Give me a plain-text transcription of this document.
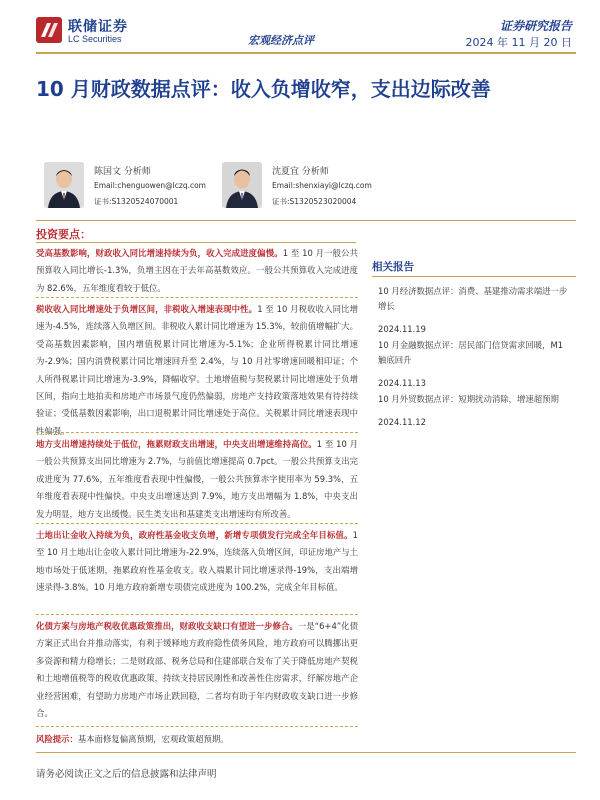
联储证券
LC Securities	宏观经济点评
证券研究报告
2024 年 11 月 20 日
10 月财政数据点评：收入负增收窄，支出边际改善
陈国文 分析师
Email:chenguowen@lczq.com
证书:S1320524070001
沈夏宜 分析师
Email:shenxiayi@lczq.com
证书:S1320523020004
投资要点：
受高基数影响，财政收入同比增速持续为负，收入完成进度偏慢。1 至 10 月一般公共预算收入同比增长-1.3%，负增主因在于去年高基数效应。一般公共预算收入完成进度为 82.6%，五年维度看较于低位。
税收收入同比增速处于负增区间，非税收入增速表现中性。1 至 10 月税收收入同比增速为-4.5%，连续落入负增区间。非税收入累计同比增速为 15.3%，较前值增幅扩大。受高基数因素影响，国内增值税累计同比增速为-5.1%；企业所得税累计同比增速为-2.9%；国内消费税累计同比增速回升至 2.4%，与 10 月社零增速回暖相印证；个人所得税累计同比增速为-3.9%，降幅收窄。土地增值税与契税累计同比增速处于负增区间，指向土地拍卖和房地产市场景气度仍然偏弱，房地产支持政策落地效果有待持续验证；受低基数因素影响，出口退税累计同比增速处于高位。关税累计同比增速表现中性偏强。
地方支出增速持续处于低位，拖累财政支出增速，中央支出增速维持高位。1 至 10 月一般公共预算支出同比增速为 2.7%，与前值比增速提高 0.7pct。一般公共预算支出完成进度为 77.6%，五年维度看表现中性偏慢，一般公共预算赤字使用率为 59.3%，五年维度看表现中性偏快。中央支出增速达到 7.9%，地方支出增幅为 1.8%，中央支出发力明显，地方支出缓慢。民生类支出和基建类支出增速均有所改善。
土地出让金收入持续为负，政府性基金收支负增，新增专项债发行完成全年目标值。1 至 10 月土地出让金收入累计同比增速为-22.9%，连续落入负增区间，印证房地产与土地市场处于低迷期，拖累政府性基金收支。收入端累计同比增速录得-19%，支出端增速录得-3.8%。10 月地方政府新增专项债完成进度为 100.2%，完成全年目标值。
化债方案与房地产税收优惠政策推出，财政收支缺口有望进一步修合。一是“6+4”化债方案正式出台并推动落实，有利于缓释地方政府隐性债务风险，地方政府可以腾挪出更多资源和精力稳增长；二是财政部、税务总局和住建部联合发布了关于降低房地产契税和土地增值税等的税收优惠政策，持续支持居民刚性和改善性住房需求，纾解房地产企业经营困难，有望助力房地产市场止跌回稳，二者均有助于年内财政收支缺口进一步修合。
风险提示：基本面修复偏离预期，宏观政策超预期。
相关报告
10 月经济数据点评：消费、基建推动需求端进一步增长
2024.11.19
10 月金融数据点评：居民部门信贷需求回暖，M1 触底回升
2024.11.13
10 月外贸数据点评：短期扰动消除，增速超预期
2024.11.12
请务必阅读正文之后的信息披露和法律声明
